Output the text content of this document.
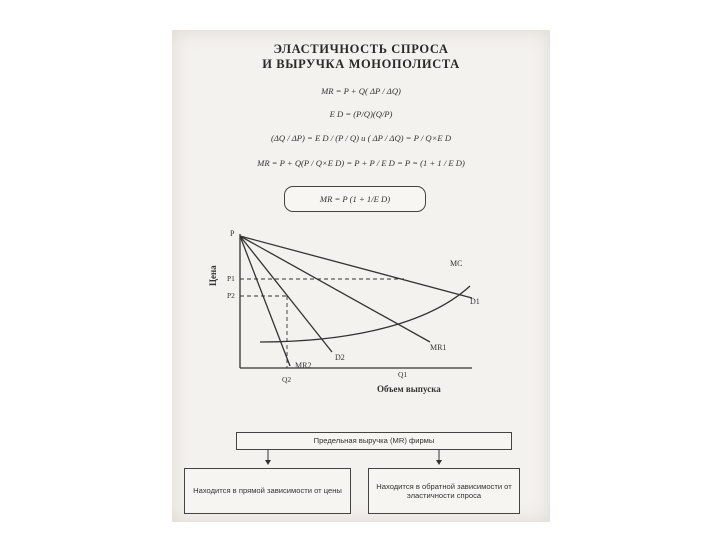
ЭЛАСТИЧНОСТЬ СПРОСА
И ВЫРУЧКА МОНОПОЛИСТА
MR = P + Q( ΔP / ΔQ)
E D = (P/Q)(Q/P)
(ΔQ / ΔP) = E D / (P / Q) и ( ΔP / ΔQ) = P / Q×E D
MR = P + Q(P / Q×E D) = P + P / E D = P = (1 + 1 / E D)
MR = P (1 + 1/E D)
P
P1
P2
Q2
Q1
MC
D1
MR1
D2
MR2
Цена
Объем выпуска
Предельная выручка (MR) фирмы
Находится в прямой зависимости от цены
Находится в обратной зависимости от эластичности спроса
